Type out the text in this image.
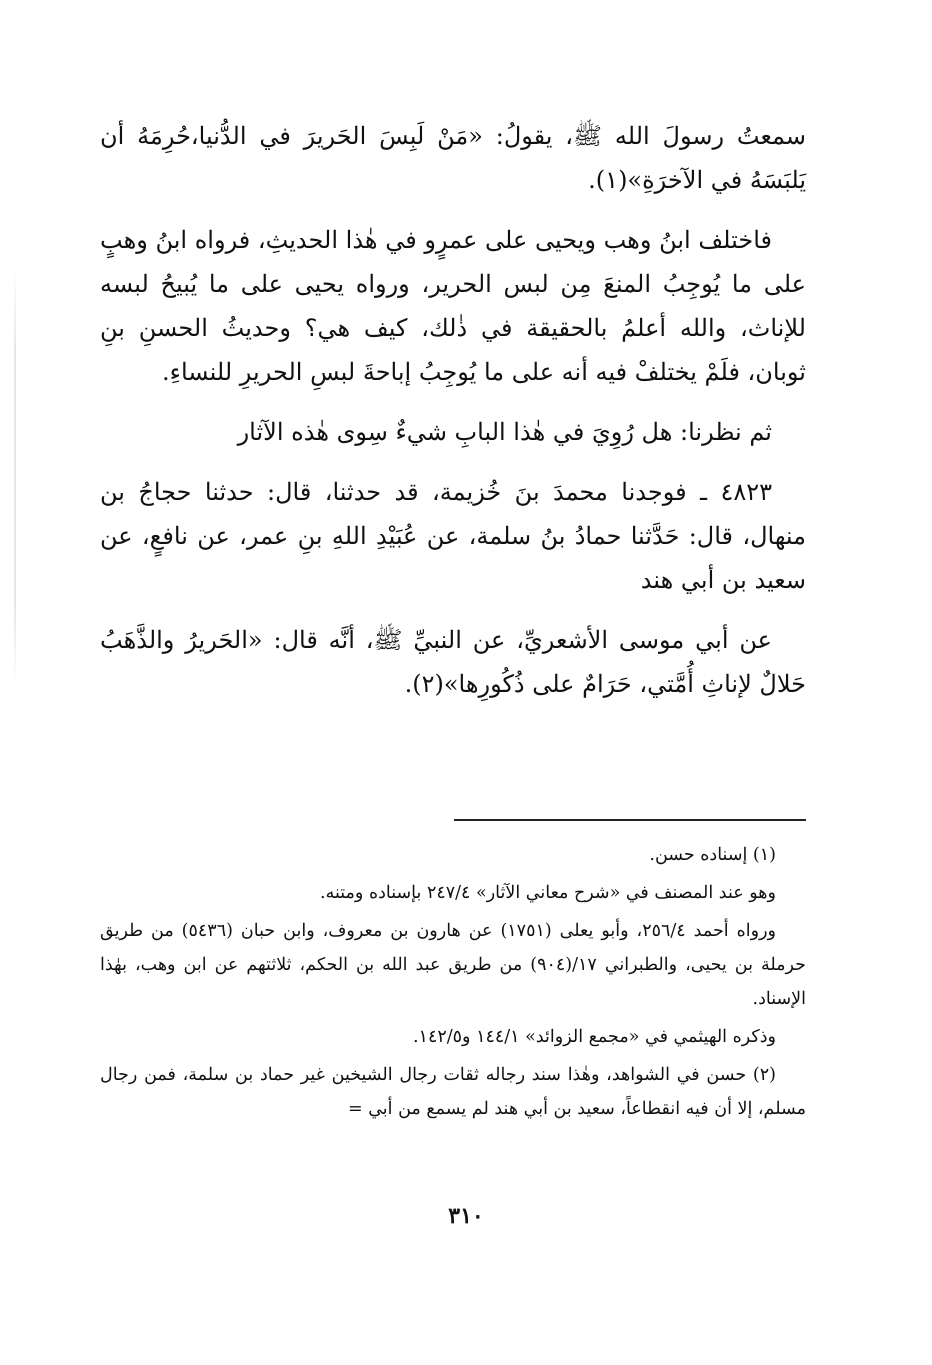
سمعتُ رسولَ الله ﷺ، يقولُ: «مَنْ لَبِسَ الحَريرَ في الدُّنيا،حُرِمَهُ أن يَلبَسَهُ في الآخرَةِ»(١).

فاختلف ابنُ وهب ويحيى على عمرٍو في هٰذا الحديثِ، فرواه ابنُ وهبٍ على ما يُوجِبُ المنعَ مِن لبس الحرير، ورواه يحيى على ما يُبيحُ لبسه للإناث، والله أعلمُ بالحقيقة في ذٰلك، كيف هي؟ وحديثُ الحسنِ بنِ ثوبان، فلَمْ يختلفْ فيه أنه على ما يُوجِبُ إباحةَ لبسِ الحريرِ للنساءِ.

ثم نظرنا: هل رُوِيَ في هٰذا البابِ شيءٌ سِوى هٰذه الآثار

٤٨٢٣ ـ فوجدنا محمدَ بنَ خُزيمة، قد حدثنا، قال: حدثنا حجاجُ بن منهال، قال: حَدَّثنا حمادُ بنُ سلمة، عن عُبَيْدِ اللهِ بنِ عمر، عن نافعٍ، عن سعيد بن أبي هند

عن أبي موسى الأشعريِّ، عن النبيِّ ﷺ، أنَّه قال: «الحَريرُ والذَّهَبُ حَلالٌ لإناثِ أُمَّتي، حَرَامٌ على ذُكُورِها»(٢).

(١) إسناده حسن.

وهو عند المصنف في «شرح معاني الآثار» ٢٤٧/٤ بإسناده ومتنه.

ورواه أحمد ٢٥٦/٤، وأبو يعلى (١٧٥١) عن هارون بن معروف، وابن حبان (٥٤٣٦) من طريق حرملة بن يحيى، والطبراني ١٧/(٩٠٤) من طريق عبد الله بن الحكم، ثلاثتهم عن ابن وهب، بهٰذا الإسناد.

وذكره الهيثمي في «مجمع الزوائد» ١٤٤/١ و١٤٢/٥.

(٢) حسن في الشواهد، وهٰذا سند رجاله ثقات رجال الشيخين غير حماد بن سلمة، فمن رجال مسلم، إلا أن فيه انقطاعاً، سعيد بن أبي هند لم يسمع من أبي =

٣١٠
